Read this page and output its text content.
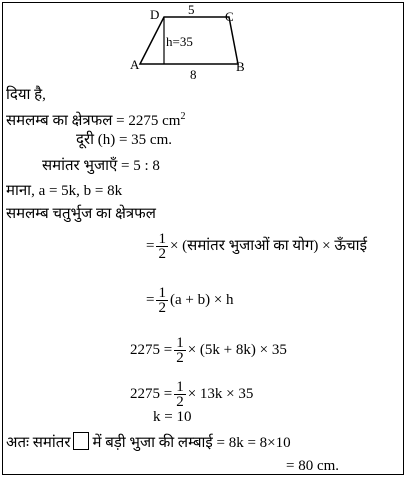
D	C
A	B
5
8
h=35
दिया है,
समलम्ब का क्षेत्रफल = 2275 $cm^2$
दूरी (h) = 35 cm.
समांतर भुजाएँ = 5 : 8
माना, a = 5k, b = 8k
समलम्ब चतुर्भुज का क्षेत्रफल
= $\frac{1}{2}$ × (समांतर भुजाओं का योग) × ऊँचाई
= $\frac{1}{2} (a + b) \times h$
$2275 = \frac{1}{2} \times (5k + 8k) \times 35$
$2275 = \frac{1}{2} \times 13k \times 35$
k = 10
अतः समांतर में बड़ी भुजा की लम्बाई = 8k = 8×10
= 80 cm.
